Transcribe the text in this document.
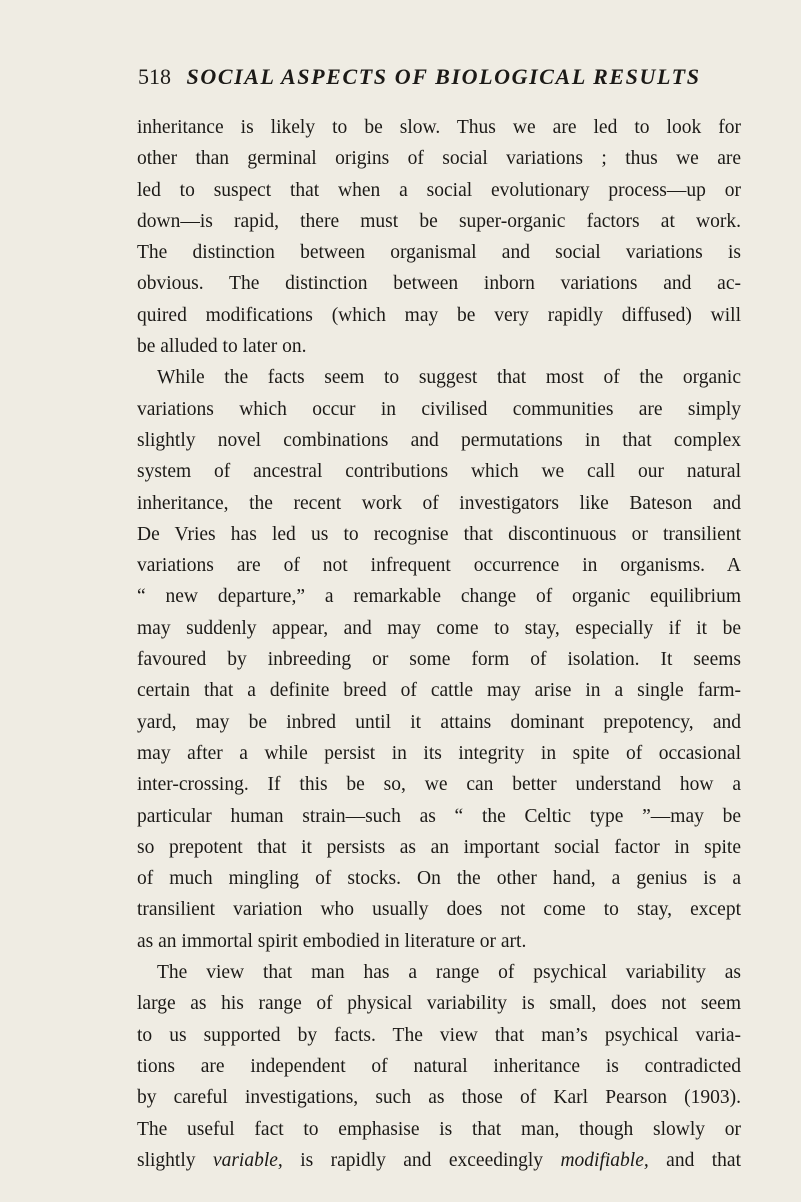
518 SOCIAL ASPECTS OF BIOLOGICAL RESULTS
inheritance is likely to be slow. Thus we are led to look for
other than germinal origins of social variations ; thus we are
led to suspect that when a social evolutionary process—up or
down—is rapid, there must be super-organic factors at work.
The distinction between organismal and social variations is
obvious. The distinction between inborn variations and ac-
quired modifications (which may be very rapidly diffused) will
be alluded to later on.
While the facts seem to suggest that most of the organic
variations which occur in civilised communities are simply
slightly novel combinations and permutations in that complex
system of ancestral contributions which we call our natural
inheritance, the recent work of investigators like Bateson and
De Vries has led us to recognise that discontinuous or transilient
variations are of not infrequent occurrence in organisms. A
“ new departure,” a remarkable change of organic equilibrium
may suddenly appear, and may come to stay, especially if it be
favoured by inbreeding or some form of isolation. It seems
certain that a definite breed of cattle may arise in a single farm-
yard, may be inbred until it attains dominant prepotency, and
may after a while persist in its integrity in spite of occasional
inter-crossing. If this be so, we can better understand how a
particular human strain—such as “ the Celtic type ”—may be
so prepotent that it persists as an important social factor in spite
of much mingling of stocks. On the other hand, a genius is a
transilient variation who usually does not come to stay, except
as an immortal spirit embodied in literature or art.
The view that man has a range of psychical variability as
large as his range of physical variability is small, does not seem
to us supported by facts. The view that man’s psychical varia-
tions are independent of natural inheritance is contradicted
by careful investigations, such as those of Karl Pearson (1903).
The useful fact to emphasise is that man, though slowly or
slightly variable, is rapidly and exceedingly modifiable, and that
